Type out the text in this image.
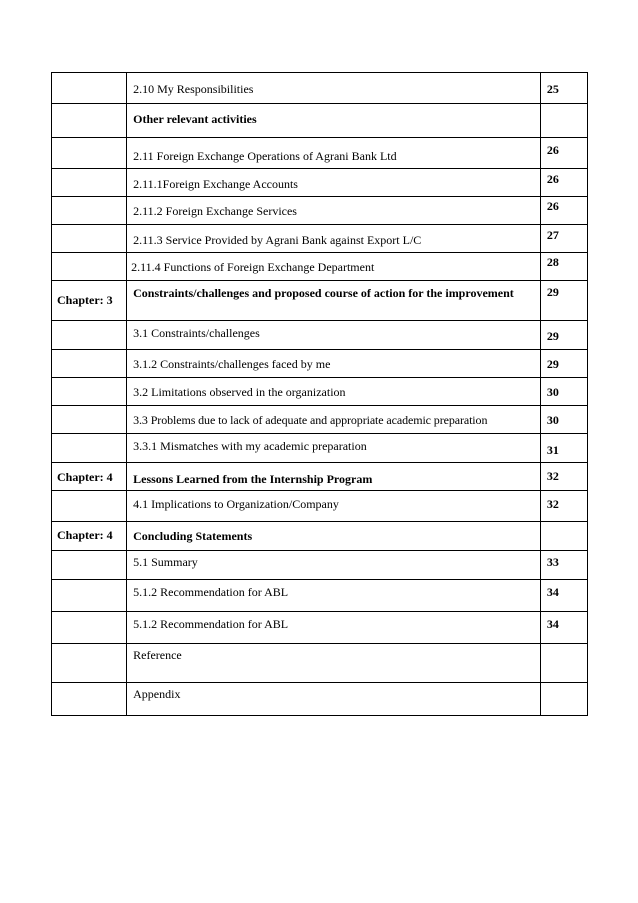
	2.10 My Responsibilities	25
	Other relevant activities	
	2.11 Foreign Exchange Operations of Agrani Bank Ltd	26
	2.11.1Foreign Exchange Accounts	26
	2.11.2 Foreign Exchange Services	26
	2.11.3 Service Provided by Agrani Bank against Export L/C	27
	2.11.4 Functions of Foreign Exchange Department	28
Chapter: 3	Constraints/challenges and proposed course of action for the improvement	29
	3.1 Constraints/challenges	29
	3.1.2 Constraints/challenges faced by me	29
	3.2 Limitations observed in the organization	30
	3.3 Problems due to lack of adequate and appropriate academic preparation	30
	3.3.1 Mismatches with my academic preparation	31
Chapter: 4	Lessons Learned from the Internship Program	32
	4.1 Implications to Organization/Company	32
Chapter: 4	Concluding Statements	
	5.1 Summary	33
	5.1.2 Recommendation for ABL	34
	5.1.2 Recommendation for ABL	34
	Reference	
	Appendix	
